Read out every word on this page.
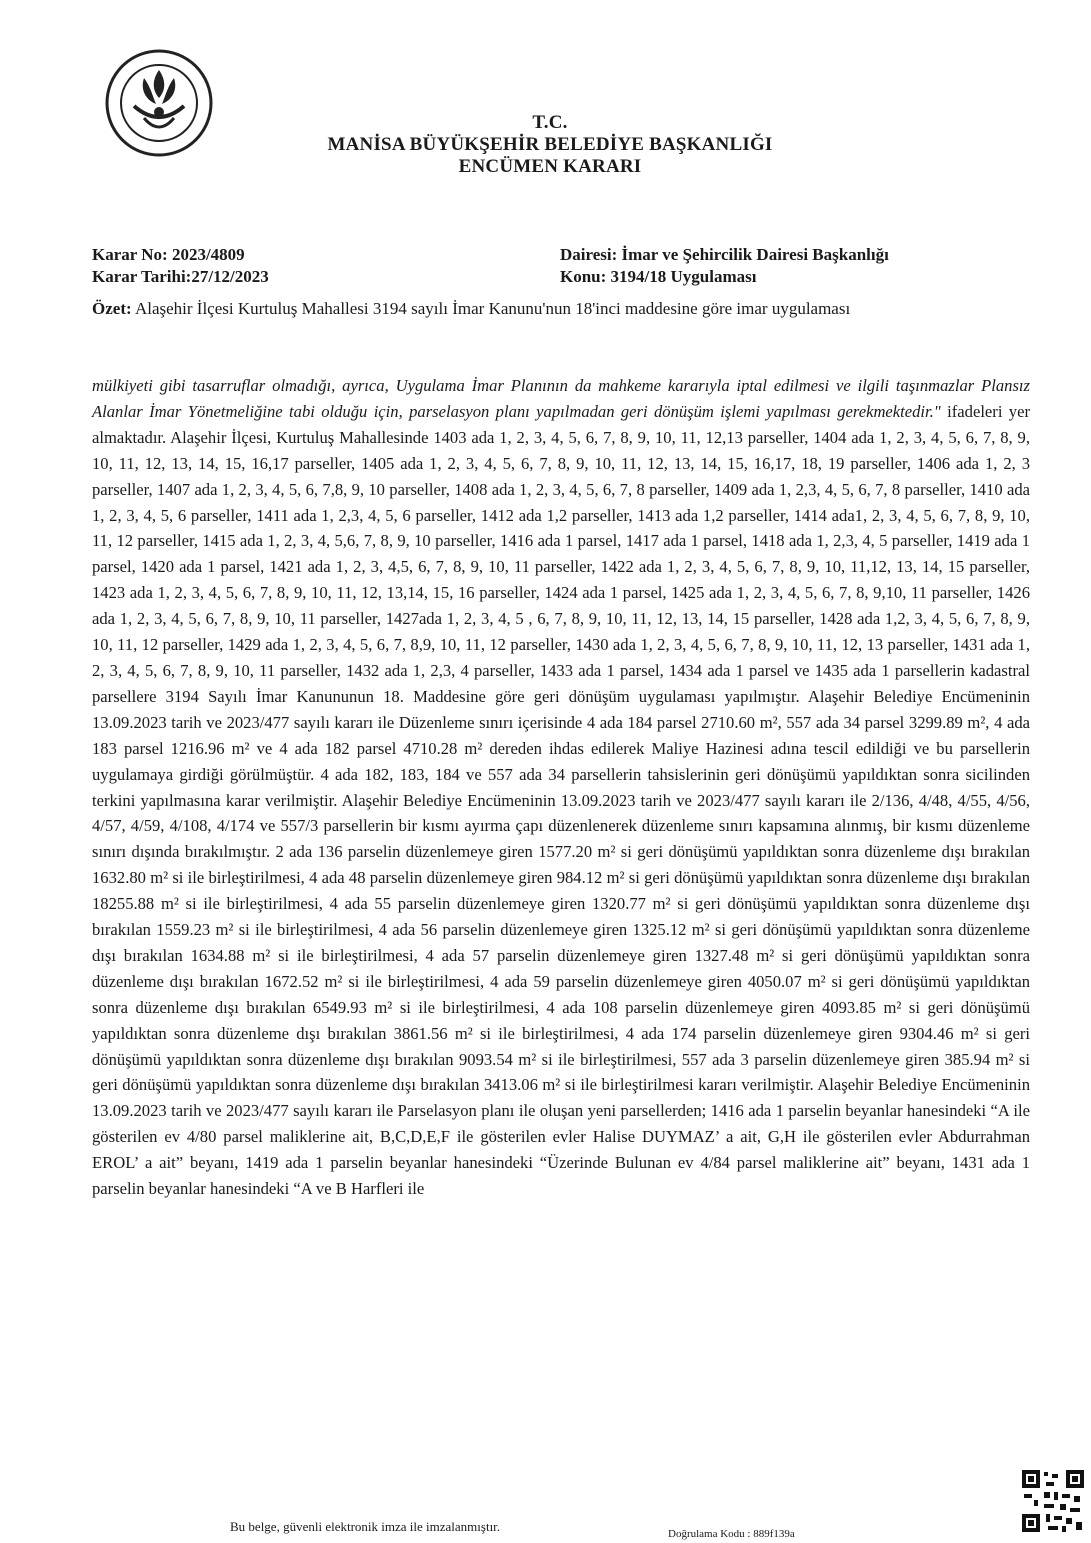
T.C.
MANİSA BÜYÜKŞEHİR BELEDİYE BAŞKANLIĞI
ENCÜMEN KARARI
Karar No: 2023/4809
Karar Tarihi:27/12/2023
Dairesi: İmar ve Şehircilik Dairesi Başkanlığı
Konu: 3194/18 Uygulaması
Özet: Alaşehir İlçesi Kurtuluş Mahallesi 3194 sayılı İmar Kanunu'nun 18'inci maddesine göre imar uygulaması
mülkiyeti gibi tasarruflar olmadığı, ayrıca, Uygulama İmar Planının da mahkeme kararıyla iptal edilmesi ve ilgili taşınmazlar Plansız Alanlar İmar Yönetmeliğine tabi olduğu için, parselasyon planı yapılmadan geri dönüşüm işlemi yapılması gerekmektedir." ifadeleri yer almaktadır. Alaşehir İlçesi, Kurtuluş Mahallesinde 1403 ada 1, 2, 3, 4, 5, 6, 7, 8, 9, 10, 11, 12,13 parseller, 1404 ada 1, 2, 3, 4, 5, 6, 7, 8, 9, 10, 11, 12, 13, 14, 15, 16,17 parseller, 1405 ada 1, 2, 3, 4, 5, 6, 7, 8, 9, 10, 11, 12, 13, 14, 15, 16,17, 18, 19 parseller, 1406 ada 1, 2, 3 parseller, 1407 ada 1, 2, 3, 4, 5, 6, 7,8, 9, 10 parseller, 1408 ada 1, 2, 3, 4, 5, 6, 7, 8 parseller, 1409 ada 1, 2,3, 4, 5, 6, 7, 8 parseller, 1410 ada 1, 2, 3, 4, 5, 6 parseller, 1411 ada 1, 2,3, 4, 5, 6 parseller, 1412 ada 1,2 parseller, 1413 ada 1,2 parseller, 1414 ada1, 2, 3, 4, 5, 6, 7, 8, 9, 10, 11, 12 parseller, 1415 ada 1, 2, 3, 4, 5,6, 7, 8, 9, 10 parseller, 1416 ada 1 parsel, 1417 ada 1 parsel, 1418 ada 1, 2,3, 4, 5 parseller, 1419 ada 1 parsel, 1420 ada 1 parsel, 1421 ada 1, 2, 3, 4,5, 6, 7, 8, 9, 10, 11 parseller, 1422 ada 1, 2, 3, 4, 5, 6, 7, 8, 9, 10, 11,12, 13, 14, 15 parseller, 1423 ada 1, 2, 3, 4, 5, 6, 7, 8, 9, 10, 11, 12, 13,14, 15, 16 parseller, 1424 ada 1 parsel, 1425 ada 1, 2, 3, 4, 5, 6, 7, 8, 9,10, 11 parseller, 1426 ada 1, 2, 3, 4, 5, 6, 7, 8, 9, 10, 11 parseller, 1427ada 1, 2, 3, 4, 5 , 6, 7, 8, 9, 10, 11, 12, 13, 14, 15 parseller, 1428 ada 1,2, 3, 4, 5, 6, 7, 8, 9, 10, 11, 12 parseller, 1429 ada 1, 2, 3, 4, 5, 6, 7, 8,9, 10, 11, 12 parseller, 1430 ada 1, 2, 3, 4, 5, 6, 7, 8, 9, 10, 11, 12, 13 parseller, 1431 ada 1, 2, 3, 4, 5, 6, 7, 8, 9, 10, 11 parseller, 1432 ada 1, 2,3, 4 parseller, 1433 ada 1 parsel, 1434 ada 1 parsel ve 1435 ada 1 parsellerin kadastral parsellere 3194 Sayılı İmar Kanununun 18. Maddesine göre geri dönüşüm uygulaması yapılmıştır. Alaşehir Belediye Encümeninin 13.09.2023 tarih ve 2023/477 sayılı kararı ile Düzenleme sınırı içerisinde 4 ada 184 parsel 2710.60 m², 557 ada 34 parsel 3299.89 m², 4 ada 183 parsel 1216.96 m² ve 4 ada 182 parsel 4710.28 m² dereden ihdas edilerek Maliye Hazinesi adına tescil edildiği ve bu parsellerin uygulamaya girdiği görülmüştür. 4 ada 182, 183, 184 ve 557 ada 34 parsellerin tahsislerinin geri dönüşümü yapıldıktan sonra sicilinden terkini yapılmasına karar verilmiştir. Alaşehir Belediye Encümeninin 13.09.2023 tarih ve 2023/477 sayılı kararı ile 2/136, 4/48, 4/55, 4/56, 4/57, 4/59, 4/108, 4/174 ve 557/3 parsellerin bir kısmı ayırma çapı düzenlenerek düzenleme sınırı kapsamına alınmış, bir kısmı düzenleme sınırı dışında bırakılmıştır. 2 ada 136 parselin düzenlemeye giren 1577.20 m² si geri dönüşümü yapıldıktan sonra düzenleme dışı bırakılan 1632.80 m² si ile birleştirilmesi, 4 ada 48 parselin düzenlemeye giren 984.12 m² si geri dönüşümü yapıldıktan sonra düzenleme dışı bırakılan 18255.88 m² si ile birleştirilmesi, 4 ada 55 parselin düzenlemeye giren 1320.77 m² si geri dönüşümü yapıldıktan sonra düzenleme dışı bırakılan 1559.23 m² si ile birleştirilmesi, 4 ada 56 parselin düzenlemeye giren 1325.12 m² si geri dönüşümü yapıldıktan sonra düzenleme dışı bırakılan 1634.88 m² si ile birleştirilmesi, 4 ada 57 parselin düzenlemeye giren 1327.48 m² si geri dönüşümü yapıldıktan sonra düzenleme dışı bırakılan 1672.52 m² si ile birleştirilmesi, 4 ada 59 parselin düzenlemeye giren 4050.07 m² si geri dönüşümü yapıldıktan sonra düzenleme dışı bırakılan 6549.93 m² si ile birleştirilmesi, 4 ada 108 parselin düzenlemeye giren 4093.85 m² si geri dönüşümü yapıldıktan sonra düzenleme dışı bırakılan 3861.56 m² si ile birleştirilmesi, 4 ada 174 parselin düzenlemeye giren 9304.46 m² si geri dönüşümü yapıldıktan sonra düzenleme dışı bırakılan 9093.54 m² si ile birleştirilmesi, 557 ada 3 parselin düzenlemeye giren 385.94 m² si geri dönüşümü yapıldıktan sonra düzenleme dışı bırakılan 3413.06 m² si ile birleştirilmesi kararı verilmiştir. Alaşehir Belediye Encümeninin 13.09.2023 tarih ve 2023/477 sayılı kararı ile Parselasyon planı ile oluşan yeni parsellerden; 1416 ada 1 parselin beyanlar hanesindeki “A ile gösterilen ev 4/80 parsel maliklerine ait, B,C,D,E,F ile gösterilen evler Halise DUYMAZ’ a ait, G,H ile gösterilen evler Abdurrahman EROL’ a ait” beyanı, 1419 ada 1 parselin beyanlar hanesindeki “Üzerinde Bulunan ev 4/84 parsel maliklerine ait” beyanı, 1431 ada 1 parselin beyanlar hanesindeki “A ve B Harfleri ile
Bu belge, güvenli elektronik imza ile imzalanmıştır.	Doğrulama Kodu : 889f139a
